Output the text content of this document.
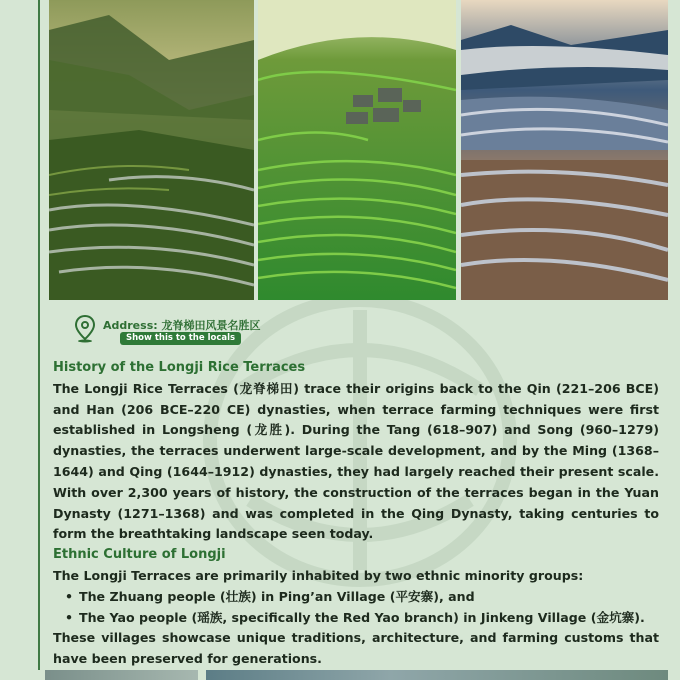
Address: 龙脊梯田风景名胜区
Show this to the locals
History of the Longji Rice Terraces

The Longji Rice Terraces (龙脊梯田) trace their origins back to the Qin (221–206 BCE) and Han (206 BCE–220 CE) dynasties, when terrace farming techniques were first established in Longsheng (龙胜). During the Tang (618–907) and Song (960–1279) dynasties, the terraces underwent large-scale development, and by the Ming (1368–1644) and Qing (1644–1912) dynasties, they had largely reached their present scale. With over 2,300 years of history, the construction of the terraces began in the Yuan Dynasty (1271–1368) and was completed in the Qing Dynasty, taking centuries to form the breathtaking landscape seen today.

Ethnic Culture of Longji

The Longji Terraces are primarily inhabited by two ethnic minority groups:

• The Zhuang people (壮族) in Ping’an Village (平安寨), and
• The Yao people (瑶族, specifically the Red Yao branch) in Jinkeng Village (金坑寨).

These villages showcase unique traditions, architecture, and farming customs that have been preserved for generations.
